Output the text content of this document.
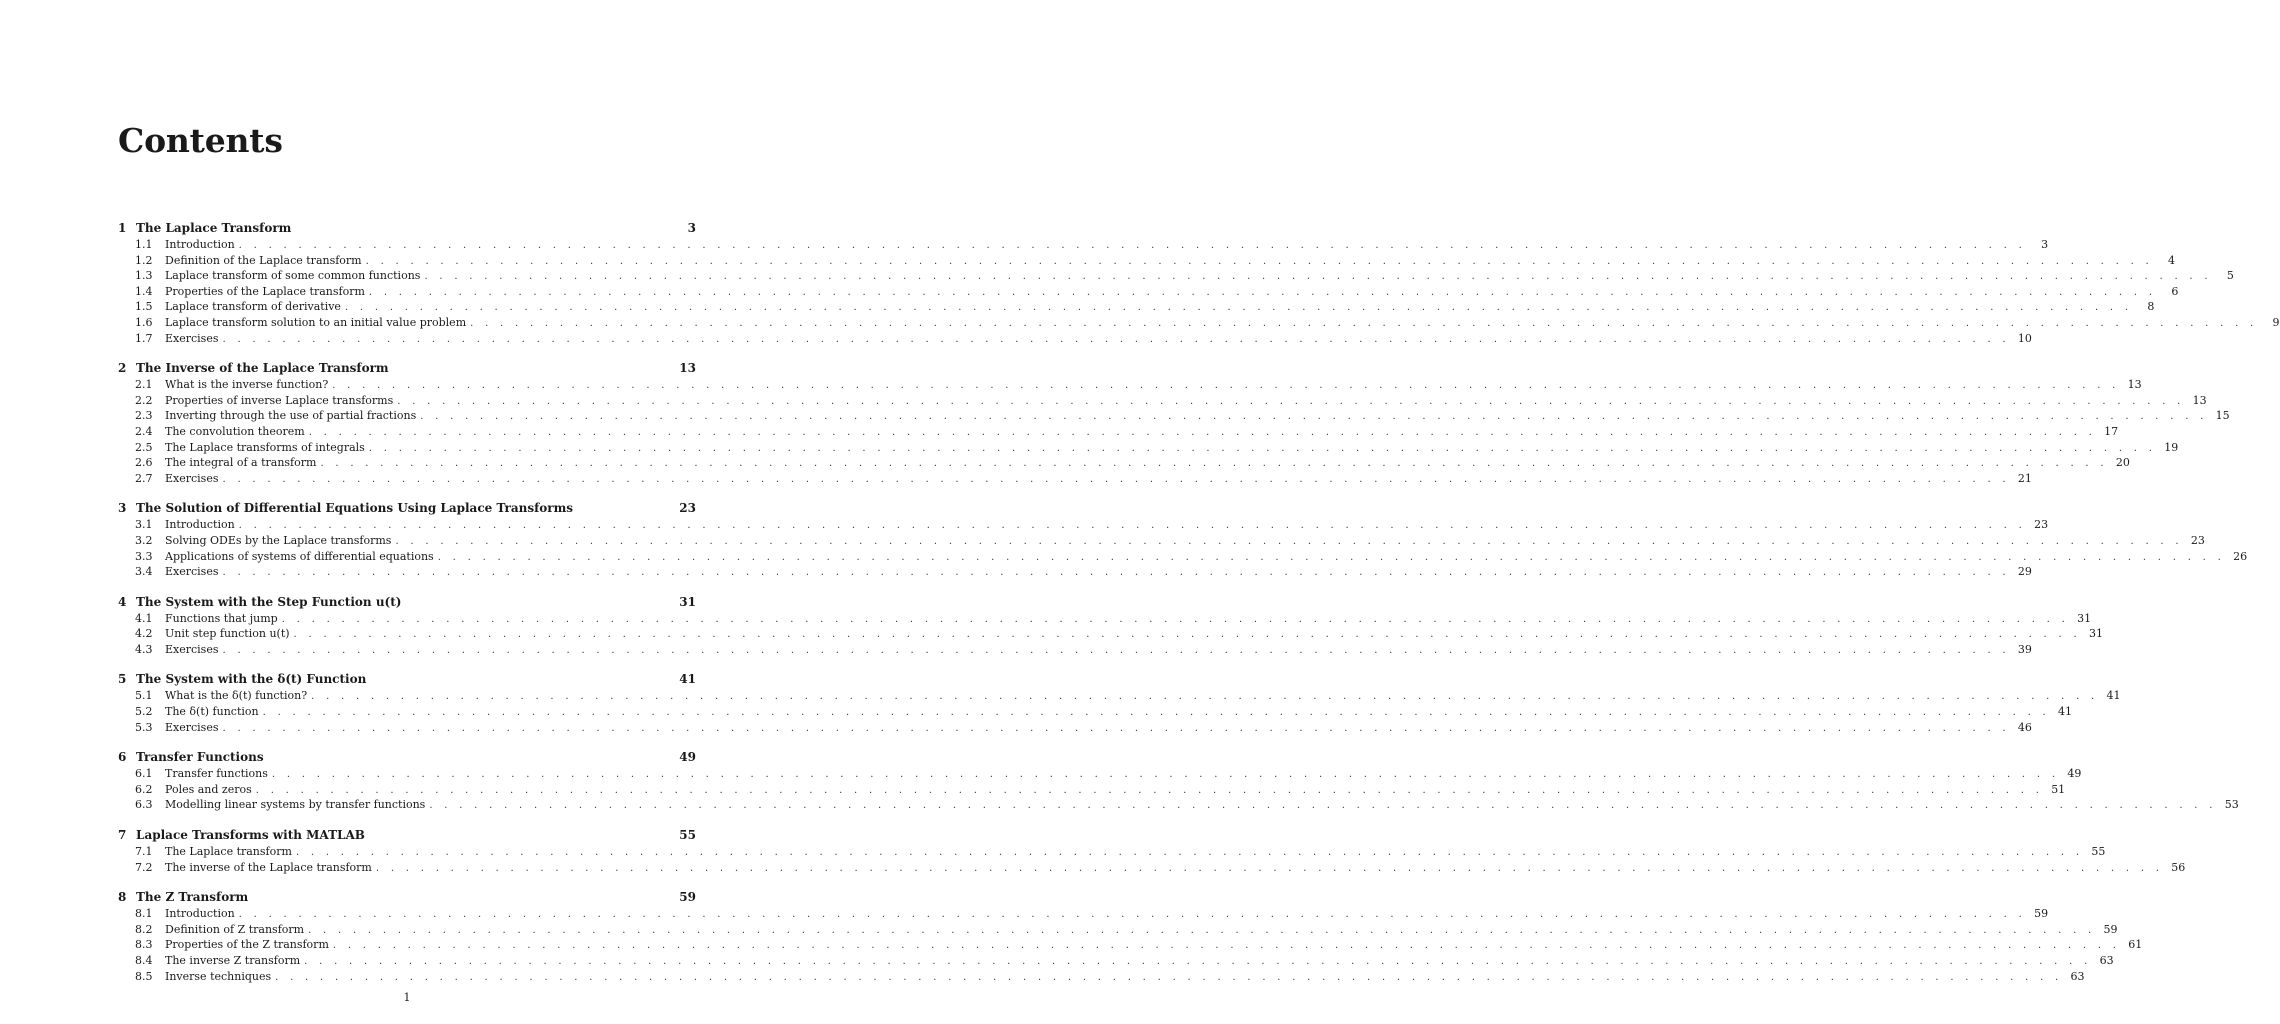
Contents
1 The Laplace Transform	3
1.1	Introduction . . . . . . . . . . . . . . . . . . . . . . . . . . . . . . . . . . . . . . . . . . . . . . . . . . . . . . . . . . . . . . . . . . . . . . . . . . . . . . . . . . . . . . . . . . . . . . . . . . . . . . . . . . . . . . . . . . . . . . . .	3
1.2	Definition of the Laplace transform . . . . . . . . . . . . . . . . . . . . . . . . . . . . . . . . . . . . . . . . . . . . . . . . . . . . . . . . . . . . . . . . . . . . . . . . . . . . . . . . . . . . . . . . . . . . . . . . . . . . . . . . . . . . . . . . . . . . . . . .	4
1.3	Laplace transform of some common functions . . . . . . . . . . . . . . . . . . . . . . . . . . . . . . . . . . . . . . . . . . . . . . . . . . . . . . . . . . . . . . . . . . . . . . . . . . . . . . . . . . . . . . . . . . . . . . . . . . . . . . . . . . . . . . . . . . . . . . . .	5
1.4	Properties of the Laplace transform . . . . . . . . . . . . . . . . . . . . . . . . . . . . . . . . . . . . . . . . . . . . . . . . . . . . . . . . . . . . . . . . . . . . . . . . . . . . . . . . . . . . . . . . . . . . . . . . . . . . . . . . . . . . . . . . . . . . . . . .	6
1.5	Laplace transform of derivative . . . . . . . . . . . . . . . . . . . . . . . . . . . . . . . . . . . . . . . . . . . . . . . . . . . . . . . . . . . . . . . . . . . . . . . . . . . . . . . . . . . . . . . . . . . . . . . . . . . . . . . . . . . . . . . . . . . . . . . .	8
1.6	Laplace transform solution to an initial value problem . . . . . . . . . . . . . . . . . . . . . . . . . . . . . . . . . . . . . . . . . . . . . . . . . . . . . . . . . . . . . . . . . . . . . . . . . . . . . . . . . . . . . . . . . . . . . . . . . . . . . . . . . . . . . . . . . . . . . . . .	9
1.7	Exercises . . . . . . . . . . . . . . . . . . . . . . . . . . . . . . . . . . . . . . . . . . . . . . . . . . . . . . . . . . . . . . . . . . . . . . . . . . . . . . . . . . . . . . . . . . . . . . . . . . . . . . . . . . . . . . . . . . . . . . . . 10
2 The Inverse of the Laplace Transform	13
2.1	What is the inverse function? . . . . . . . . . . . . . . . . . . . . . . . . . . . . . . . . . . . . . . . . . . . . . . . . . . . . . . . . . . . . . . . . . . . . . . . . . . . . . . . . . . . . . . . . . . . . . . . . . . . . . . . . . . . . . . . . . . . . . . . . 13
2.2	Properties of inverse Laplace transforms . . . . . . . . . . . . . . . . . . . . . . . . . . . . . . . . . . . . . . . . . . . . . . . . . . . . . . . . . . . . . . . . . . . . . . . . . . . . . . . . . . . . . . . . . . . . . . . . . . . . . . . . . . . . . . . . . . . . . . . . 13
2.3	Inverting through the use of partial fractions . . . . . . . . . . . . . . . . . . . . . . . . . . . . . . . . . . . . . . . . . . . . . . . . . . . . . . . . . . . . . . . . . . . . . . . . . . . . . . . . . . . . . . . . . . . . . . . . . . . . . . . . . . . . . . . . . . . . . . . . 15
2.4	The convolution theorem . . . . . . . . . . . . . . . . . . . . . . . . . . . . . . . . . . . . . . . . . . . . . . . . . . . . . . . . . . . . . . . . . . . . . . . . . . . . . . . . . . . . . . . . . . . . . . . . . . . . . . . . . . . . . . . . . . . . . . . . 17
2.5	The Laplace transforms of integrals . . . . . . . . . . . . . . . . . . . . . . . . . . . . . . . . . . . . . . . . . . . . . . . . . . . . . . . . . . . . . . . . . . . . . . . . . . . . . . . . . . . . . . . . . . . . . . . . . . . . . . . . . . . . . . . . . . . . . . . . 19
2.6	The integral of a transform . . . . . . . . . . . . . . . . . . . . . . . . . . . . . . . . . . . . . . . . . . . . . . . . . . . . . . . . . . . . . . . . . . . . . . . . . . . . . . . . . . . . . . . . . . . . . . . . . . . . . . . . . . . . . . . . . . . . . . . . 20
2.7	Exercises . . . . . . . . . . . . . . . . . . . . . . . . . . . . . . . . . . . . . . . . . . . . . . . . . . . . . . . . . . . . . . . . . . . . . . . . . . . . . . . . . . . . . . . . . . . . . . . . . . . . . . . . . . . . . . . . . . . . . . . . 21
3 The Solution of Differential Equations Using Laplace Transforms	23
3.1	Introduction . . . . . . . . . . . . . . . . . . . . . . . . . . . . . . . . . . . . . . . . . . . . . . . . . . . . . . . . . . . . . . . . . . . . . . . . . . . . . . . . . . . . . . . . . . . . . . . . . . . . . . . . . . . . . . . . . . . . . . . . 23
3.2	Solving ODEs by the Laplace transforms . . . . . . . . . . . . . . . . . . . . . . . . . . . . . . . . . . . . . . . . . . . . . . . . . . . . . . . . . . . . . . . . . . . . . . . . . . . . . . . . . . . . . . . . . . . . . . . . . . . . . . . . . . . . . . . . . . . . . . . . 23
3.3	Applications of systems of differential equations . . . . . . . . . . . . . . . . . . . . . . . . . . . . . . . . . . . . . . . . . . . . . . . . . . . . . . . . . . . . . . . . . . . . . . . . . . . . . . . . . . . . . . . . . . . . . . . . . . . . . . . . . . . . . . . . . . . . . . . . 26
3.4	Exercises . . . . . . . . . . . . . . . . . . . . . . . . . . . . . . . . . . . . . . . . . . . . . . . . . . . . . . . . . . . . . . . . . . . . . . . . . . . . . . . . . . . . . . . . . . . . . . . . . . . . . . . . . . . . . . . . . . . . . . . . 29
4 The System with the Step Function u(t)	31
4.1	Functions that jump . . . . . . . . . . . . . . . . . . . . . . . . . . . . . . . . . . . . . . . . . . . . . . . . . . . . . . . . . . . . . . . . . . . . . . . . . . . . . . . . . . . . . . . . . . . . . . . . . . . . . . . . . . . . . . . . . . . . . . . . 31
4.2	Unit step function u(t) . . . . . . . . . . . . . . . . . . . . . . . . . . . . . . . . . . . . . . . . . . . . . . . . . . . . . . . . . . . . . . . . . . . . . . . . . . . . . . . . . . . . . . . . . . . . . . . . . . . . . . . . . . . . . . . . . . . . . . . . 31
4.3	Exercises . . . . . . . . . . . . . . . . . . . . . . . . . . . . . . . . . . . . . . . . . . . . . . . . . . . . . . . . . . . . . . . . . . . . . . . . . . . . . . . . . . . . . . . . . . . . . . . . . . . . . . . . . . . . . . . . . . . . . . . . 39
5 The System with the δ(t) Function	41
5.1	What is the δ(t) function? . . . . . . . . . . . . . . . . . . . . . . . . . . . . . . . . . . . . . . . . . . . . . . . . . . . . . . . . . . . . . . . . . . . . . . . . . . . . . . . . . . . . . . . . . . . . . . . . . . . . . . . . . . . . . . . . . . . . . . . . 41
5.2	The δ(t) function . . . . . . . . . . . . . . . . . . . . . . . . . . . . . . . . . . . . . . . . . . . . . . . . . . . . . . . . . . . . . . . . . . . . . . . . . . . . . . . . . . . . . . . . . . . . . . . . . . . . . . . . . . . . . . . . . . . . . . . . 41
5.3	Exercises . . . . . . . . . . . . . . . . . . . . . . . . . . . . . . . . . . . . . . . . . . . . . . . . . . . . . . . . . . . . . . . . . . . . . . . . . . . . . . . . . . . . . . . . . . . . . . . . . . . . . . . . . . . . . . . . . . . . . . . . 46
6 Transfer Functions	49
6.1	Transfer functions . . . . . . . . . . . . . . . . . . . . . . . . . . . . . . . . . . . . . . . . . . . . . . . . . . . . . . . . . . . . . . . . . . . . . . . . . . . . . . . . . . . . . . . . . . . . . . . . . . . . . . . . . . . . . . . . . . . . . . . . 49
6.2	Poles and zeros . . . . . . . . . . . . . . . . . . . . . . . . . . . . . . . . . . . . . . . . . . . . . . . . . . . . . . . . . . . . . . . . . . . . . . . . . . . . . . . . . . . . . . . . . . . . . . . . . . . . . . . . . . . . . . . . . . . . . . . . 51
6.3	Modelling linear systems by transfer functions . . . . . . . . . . . . . . . . . . . . . . . . . . . . . . . . . . . . . . . . . . . . . . . . . . . . . . . . . . . . . . . . . . . . . . . . . . . . . . . . . . . . . . . . . . . . . . . . . . . . . . . . . . . . . . . . . . . . . . . . 53
7 Laplace Transforms with MATLAB	55
7.1	The Laplace transform . . . . . . . . . . . . . . . . . . . . . . . . . . . . . . . . . . . . . . . . . . . . . . . . . . . . . . . . . . . . . . . . . . . . . . . . . . . . . . . . . . . . . . . . . . . . . . . . . . . . . . . . . . . . . . . . . . . . . . . . 55
7.2	The inverse of the Laplace transform . . . . . . . . . . . . . . . . . . . . . . . . . . . . . . . . . . . . . . . . . . . . . . . . . . . . . . . . . . . . . . . . . . . . . . . . . . . . . . . . . . . . . . . . . . . . . . . . . . . . . . . . . . . . . . . . . . . . . . . . 56
8 The Z Transform	59
8.1	Introduction . . . . . . . . . . . . . . . . . . . . . . . . . . . . . . . . . . . . . . . . . . . . . . . . . . . . . . . . . . . . . . . . . . . . . . . . . . . . . . . . . . . . . . . . . . . . . . . . . . . . . . . . . . . . . . . . . . . . . . . . 59
8.2	Definition of Z transform . . . . . . . . . . . . . . . . . . . . . . . . . . . . . . . . . . . . . . . . . . . . . . . . . . . . . . . . . . . . . . . . . . . . . . . . . . . . . . . . . . . . . . . . . . . . . . . . . . . . . . . . . . . . . . . . . . . . . . . . 59
8.3	Properties of the Z transform . . . . . . . . . . . . . . . . . . . . . . . . . . . . . . . . . . . . . . . . . . . . . . . . . . . . . . . . . . . . . . . . . . . . . . . . . . . . . . . . . . . . . . . . . . . . . . . . . . . . . . . . . . . . . . . . . . . . . . . . 61
8.4	The inverse Z transform . . . . . . . . . . . . . . . . . . . . . . . . . . . . . . . . . . . . . . . . . . . . . . . . . . . . . . . . . . . . . . . . . . . . . . . . . . . . . . . . . . . . . . . . . . . . . . . . . . . . . . . . . . . . . . . . . . . . . . . . 63
8.5	Inverse techniques . . . . . . . . . . . . . . . . . . . . . . . . . . . . . . . . . . . . . . . . . . . . . . . . . . . . . . . . . . . . . . . . . . . . . . . . . . . . . . . . . . . . . . . . . . . . . . . . . . . . . . . . . . . . . . . . . . . . . . . . 63
1
